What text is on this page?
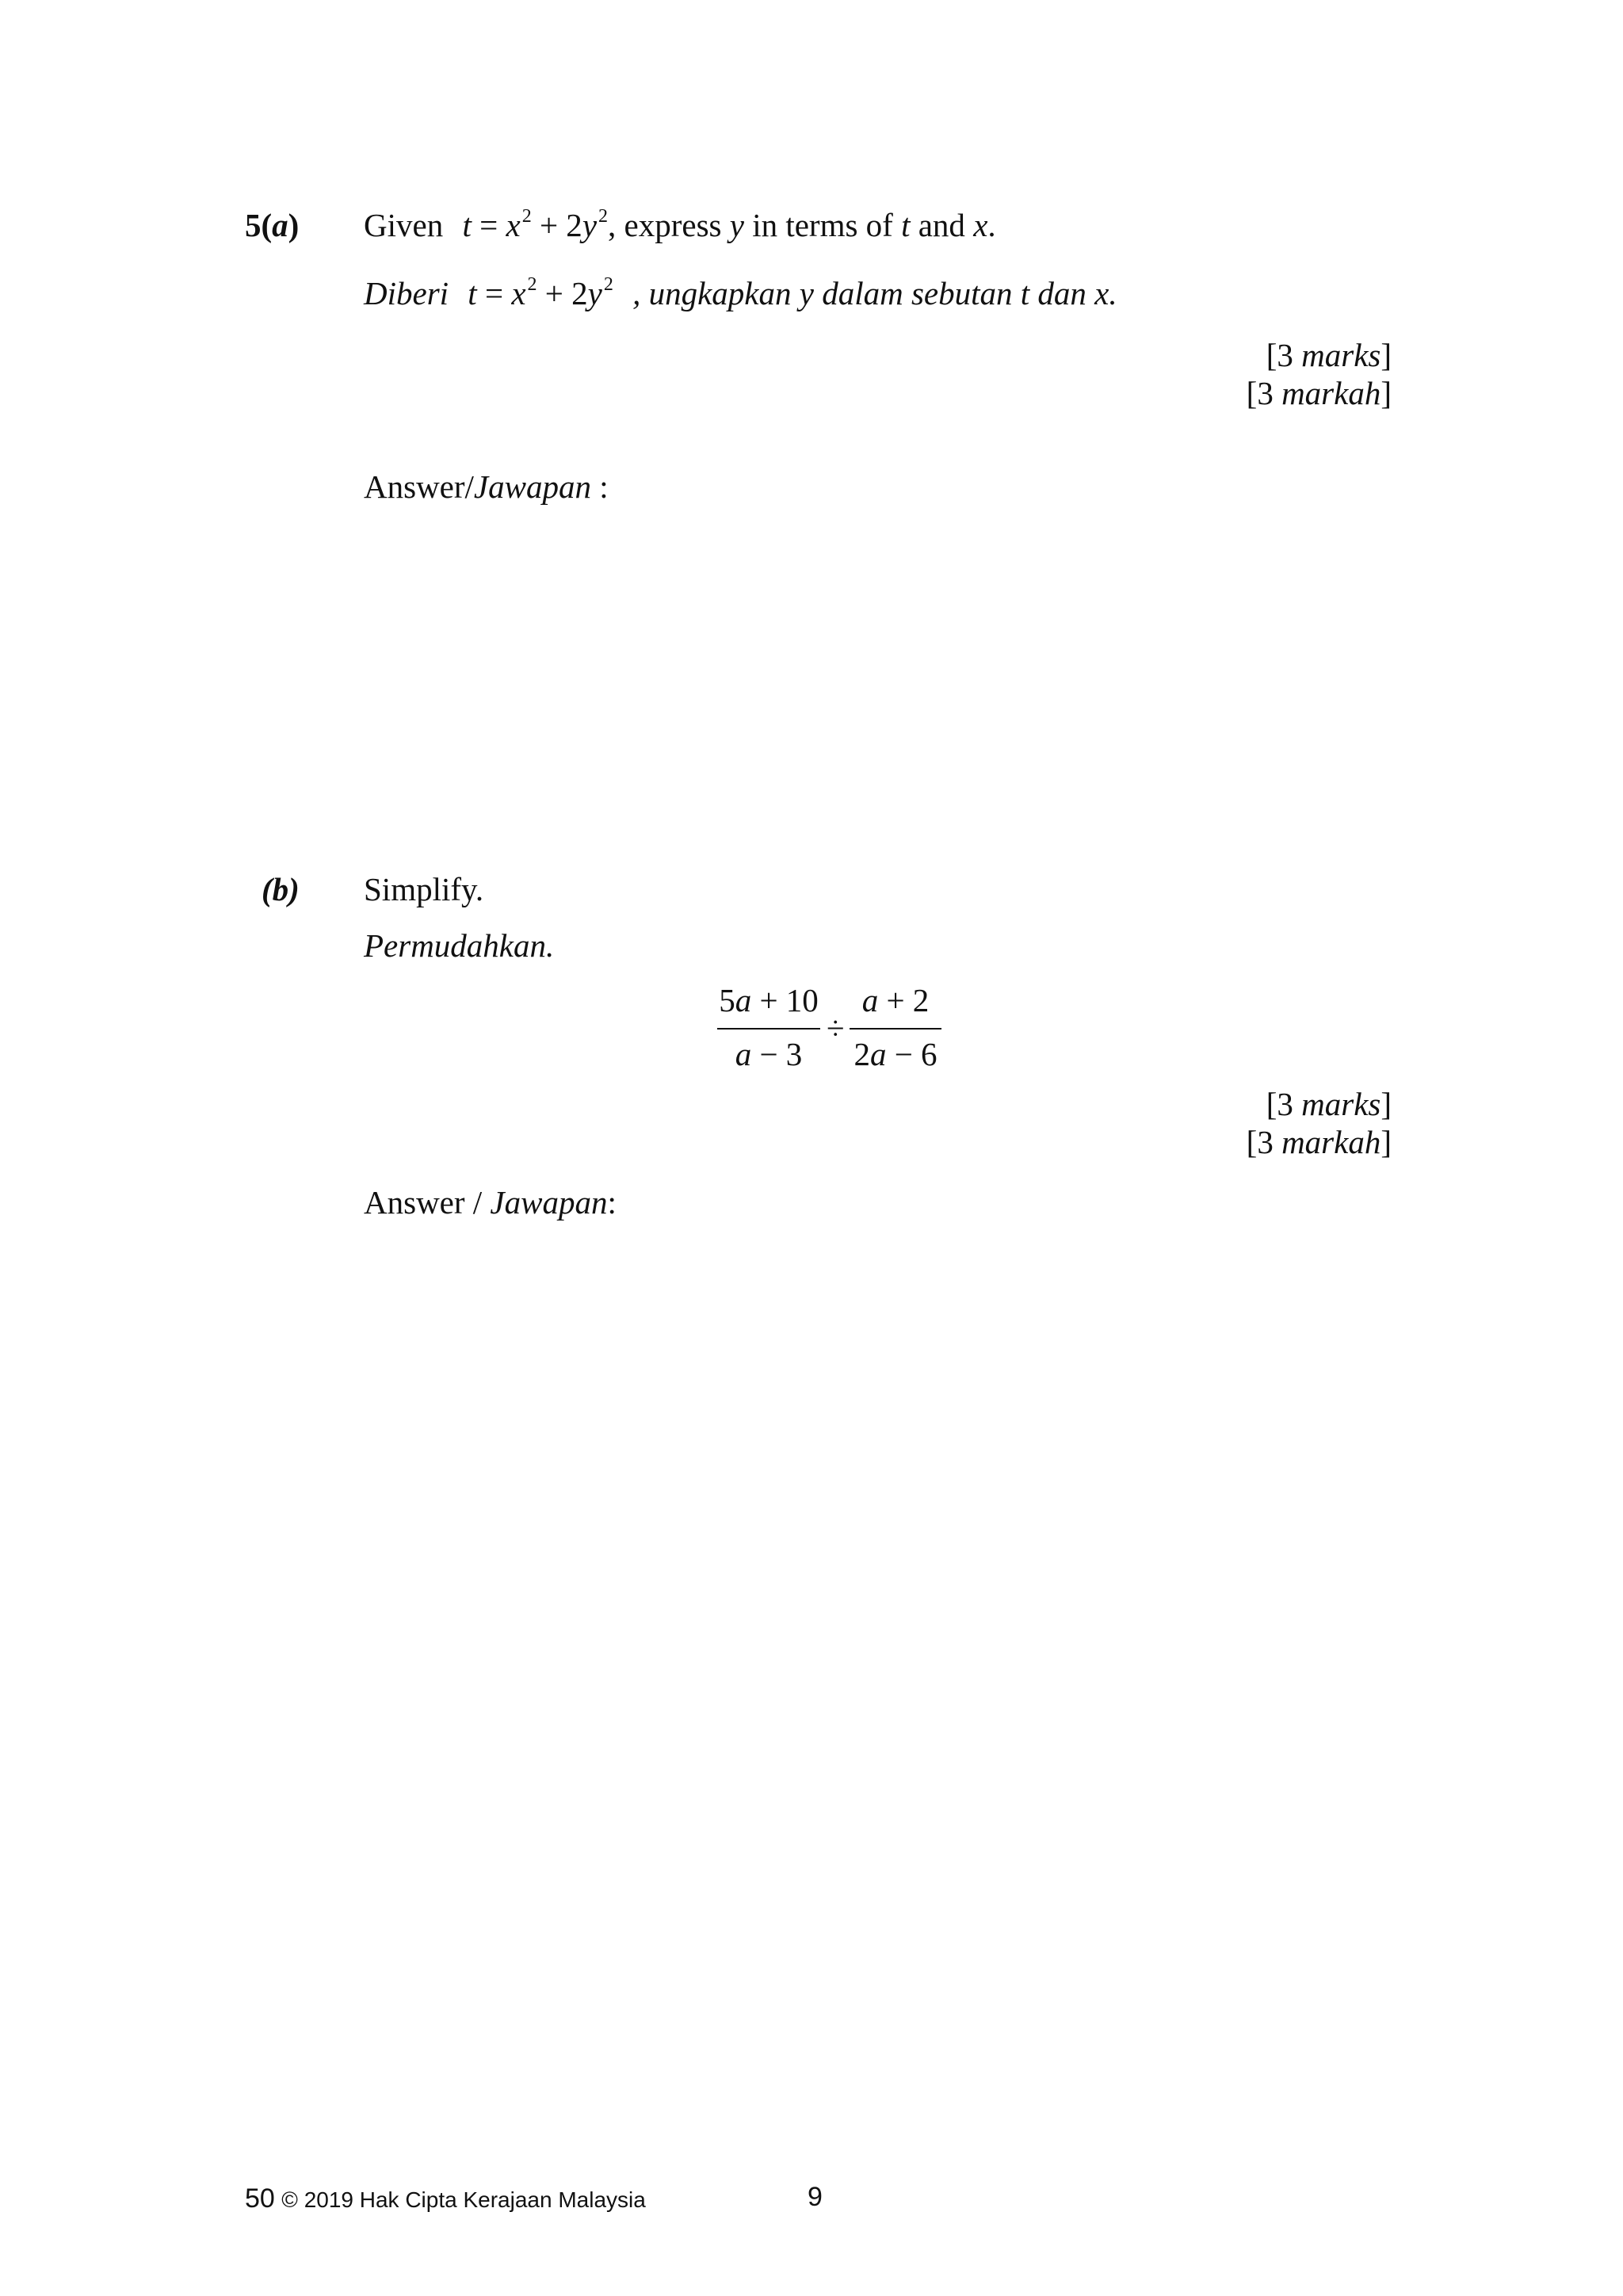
5(a) Given $t = x^2 + 2y^2$, express y in terms of t and x.
Diberi $t = x^2 + 2y^2$ , ungkapkan y dalam sebutan t dan x.
[3 marks]
[3 markah]
Answer/Jawapan :
(b) Simplify.
Permudahkan.
5a + 10
a − 3
÷
a + 2
2a − 6
[3 marks]
[3 markah]
Answer / Jawapan:
50 © 2019 Hak Cipta Kerajaan Malaysia	9
